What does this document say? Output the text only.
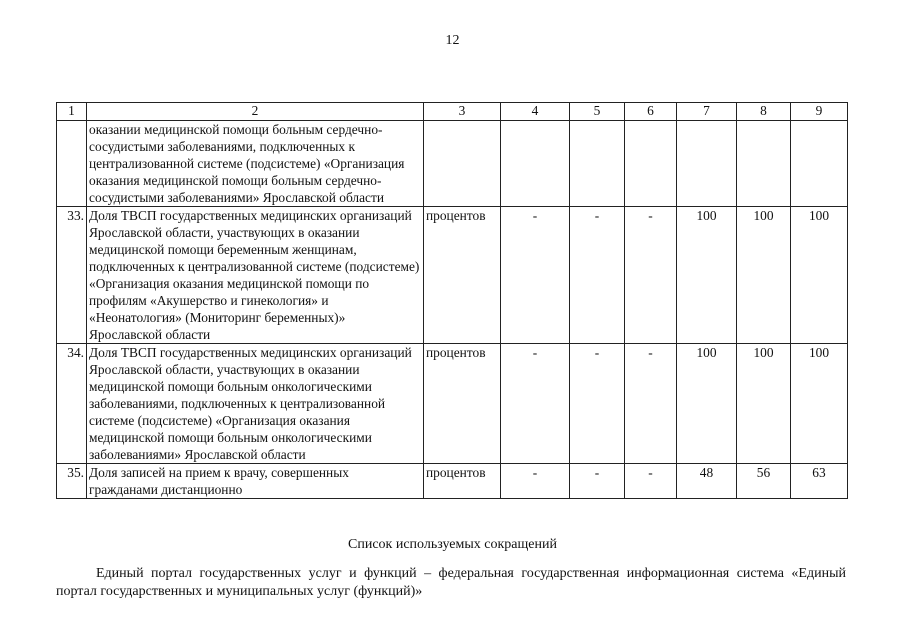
12
1	2	3	4	5	6	7	8	9
	оказании медицинской помощи больным сердечно-сосудистыми заболеваниями, подключенных к централизованной системе (подсистеме) «Организация оказания медицинской помощи больным сердечно-сосудистыми заболеваниями» Ярославской области							
33.	Доля ТВСП государственных медицинских организаций Ярославской области, участвующих в оказании медицинской помощи беременным женщинам, подключенных к централизованной системе (подсистеме) «Организация оказания медицинской помощи по профилям «Акушерство и гинекология» и «Неонатология» (Мониторинг беременных)» Ярославской области	процентов	-	-	-	100	100	100
34.	Доля ТВСП государственных медицинских организаций Ярославской области, участвующих в оказании медицинской помощи больным онкологическими заболеваниями, подключенных к централизованной системе (подсистеме) «Организация оказания медицинской помощи больным онкологическими заболеваниями» Ярославской области	процентов	-	-	-	100	100	100
35.	Доля записей на прием к врачу, совершенных гражданами дистанционно	процентов	-	-	-	48	56	63
Список используемых сокращений
Единый портал государственных услуг и функций – федеральная государственная информационная система «Единый портал государственных и муниципальных услуг (функций)»
